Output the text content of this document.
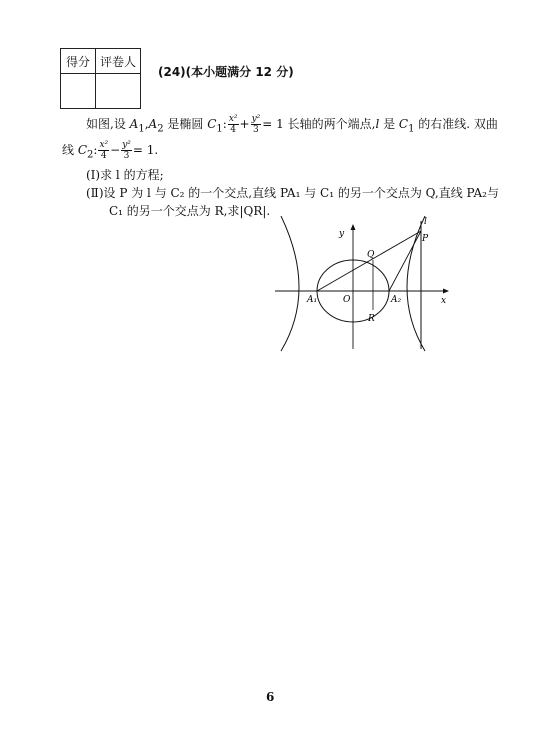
得分	评卷人

(24)(本小题满分 12 分)
如图,设 $A_1,A_2$ 是椭圆 $C_1$: $\frac{\text{x²}}{4} + \frac{\text{y²}}{3} = 1$ 长轴的两个端点,l 是 $C_1$ 的右准线. 双曲
线 $C_2$: $\frac{\text{x²}}{4} - \frac{\text{y²}}{3} = 1$.
(Ⅰ)求 l 的方程;
(Ⅱ)设 P 为 l 与 C₂ 的一个交点,直线 PA₁ 与 C₁ 的另一个交点为 Q,直线 PA₂与
C₁ 的另一个交点为 R,求|QR|.
y
x
l
P
Q
R
O
A₁	A₂
6
